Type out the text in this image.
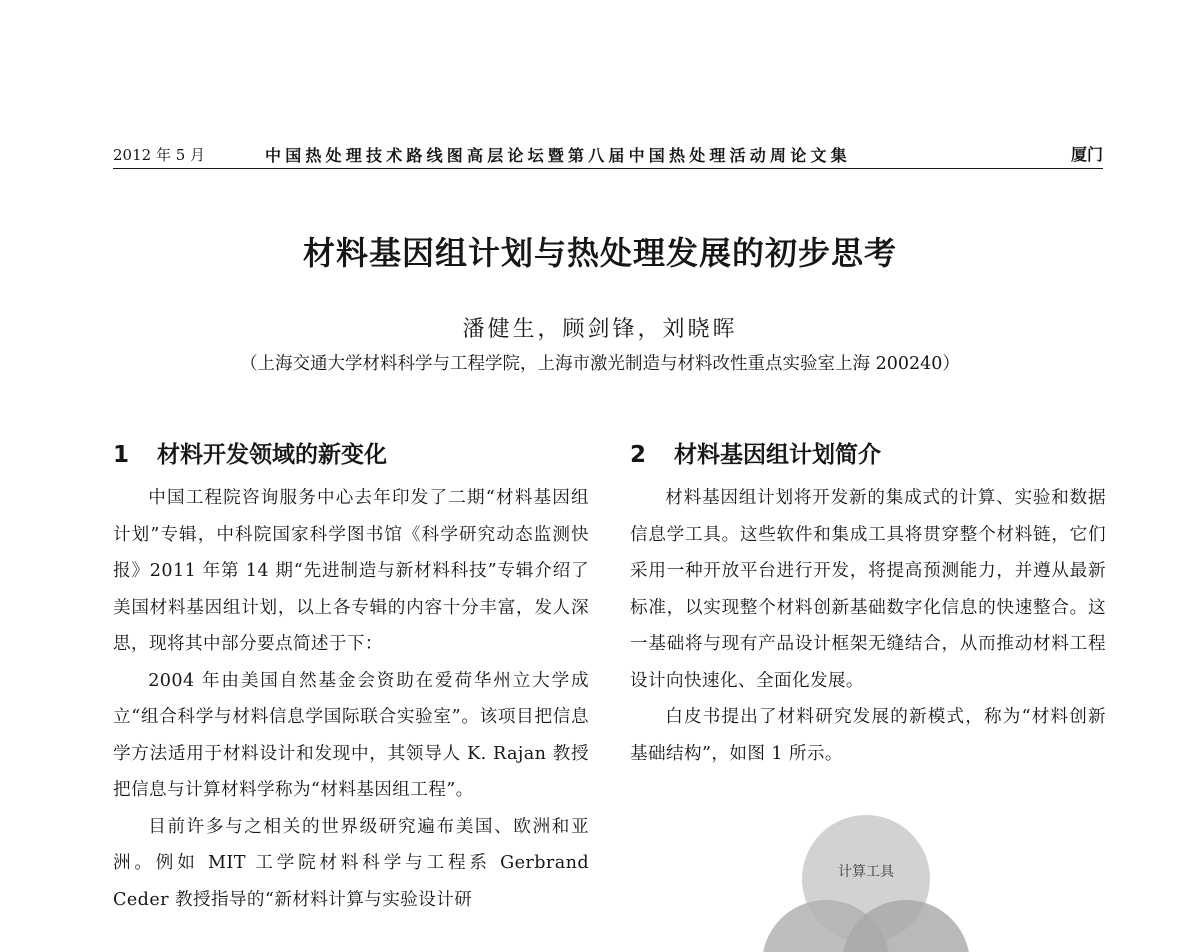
2012 年 5 月	中国热处理技术路线图高层论坛暨第八届中国热处理活动周论文集	厦门
材料基因组计划与热处理发展的初步思考
潘健生，顾剑锋，刘晓晖
（上海交通大学材料科学与工程学院，上海市激光制造与材料改性重点实验室上海 200240）
1 材料开发领域的新变化

中国工程院咨询服务中心去年印发了二期“材料基因组计划”专辑，中科院国家科学图书馆《科学研究动态监测快报》2011 年第 14 期“先进制造与新材料科技”专辑介绍了美国材料基因组计划，以上各专辑的内容十分丰富，发人深思，现将其中部分要点简述于下：

2004 年由美国自然基金会资助在爱荷华州立大学成立“组合科学与材料信息学国际联合实验室”。该项目把信息学方法适用于材料设计和发现中，其领导人 K. Rajan 教授把信息与计算材料学称为“材料基因组工程”。

目前许多与之相关的世界级研究遍布美国、欧洲和亚洲。例如 MIT 工学院材料科学与工程系 Gerbrand Ceder 教授指导的“新材料计算与实验设计研

2 材料基因组计划简介

材料基因组计划将开发新的集成式的计算、实验和数据信息学工具。这些软件和集成工具将贯穿整个材料链，它们采用一种开放平台进行开发，将提高预测能力，并遵从最新标准，以实现整个材料创新基础数字化信息的快速整合。这一基础将与现有产品设计框架无缝结合，从而推动材料工程设计向快速化、全面化发展。

白皮书提出了材料研究发展的新模式，称为“材料创新基础结构”，如图 1 所示。

计算工具
